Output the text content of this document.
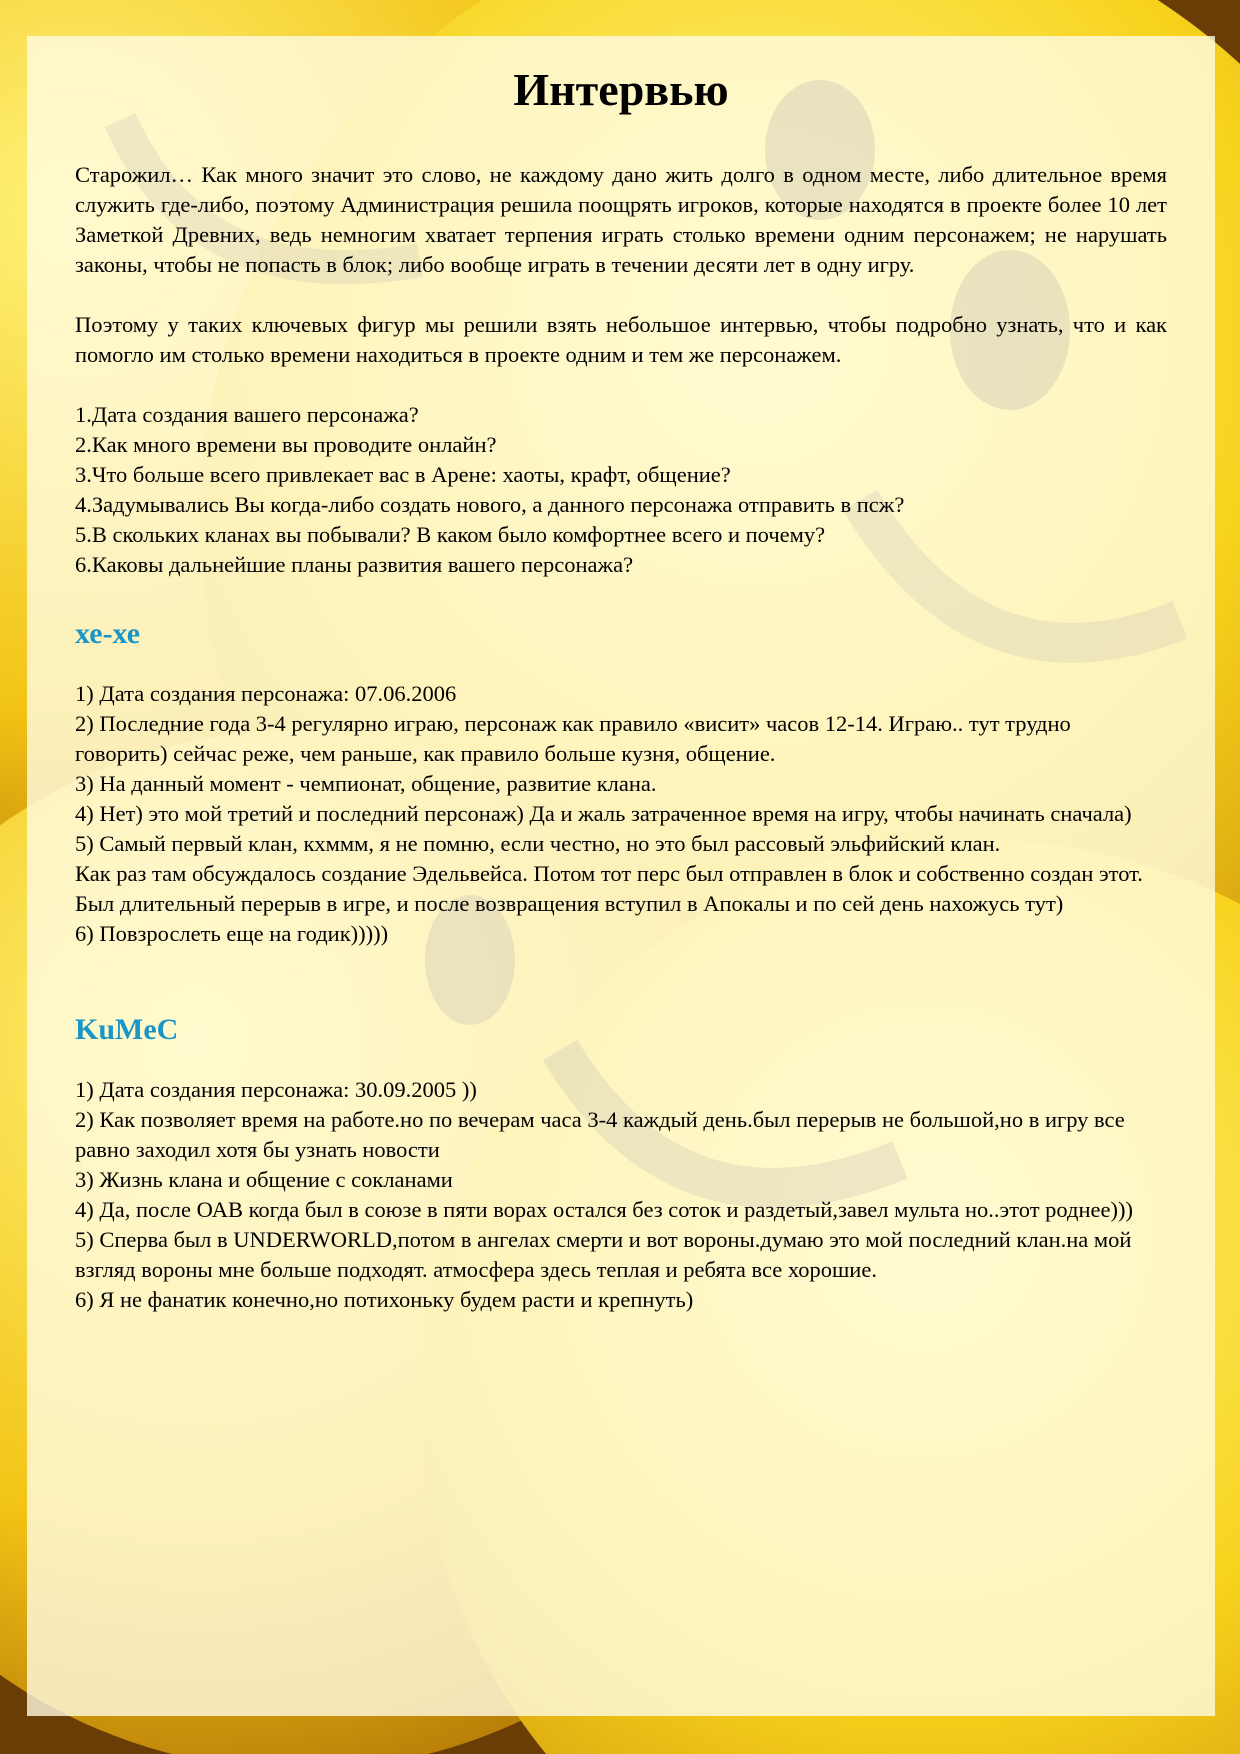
Интервью

Старожил… Как много значит это слово, не каждому дано жить долго в одном месте, либо длительное время служить где-либо, поэтому Администрация решила поощрять игроков, которые находятся в проекте более 10 лет Заметкой Древних, ведь немногим хватает терпения играть столько времени одним персонажем; не нарушать законы, чтобы не попасть в блок; либо вообще играть в течении десяти лет в одну игру.

Поэтому у таких ключевых фигур мы решили взять небольшое интервью, чтобы подробно узнать, что и как помогло им столько времени находиться в проекте одним и тем же персонажем.

1.Дата создания вашего персонажа?
2.Как много времени вы проводите онлайн?
3.Что больше всего привлекает вас в Арене: хаоты, крафт, общение?
4.Задумывались Вы когда-либо создать нового, а данного персонажа отправить в псж?
5.В скольких кланах вы побывали? В каком было комфортнее всего и почему?
6.Каковы дальнейшие планы развития вашего персонажа?
хе-хе
1) Дата создания персонажа: 07.06.2006
2) Последние года 3-4 регулярно играю, персонаж как правило «висит» часов 12-14. Играю.. тут трудно говорить) сейчас реже, чем раньше, как правило больше кузня, общение.
3) На данный момент - чемпионат, общение, развитие клана.
4) Нет) это мой третий и последний персонаж) Да и жаль затраченное время на игру, чтобы начинать сначала)
5) Самый первый клан, кхммм, я не помню, если честно, но это был рассовый эльфийский клан.
Как раз там обсуждалось создание Эдельвейса. Потом тот перс был отправлен в блок и собственно создан этот. Был длительный перерыв в игре, и после возвращения вступил в Апокалы и по сей день нахожусь тут)
6) Повзрослеть еще на годик)))))
KuMeC
1) Дата создания персонажа: 30.09.2005 ))
2) Как позволяет время на работе.но по вечерам часа 3-4 каждый день.был перерыв не большой,но в игру все равно заходил хотя бы узнать новости
3) Жизнь клана и общение с сокланами
4) Да, после ОАВ когда был в союзе в пяти ворах остался без соток и раздетый,завел мульта но..этот роднее)))
5) Сперва был в UNDERWORLD,потом в ангелах смерти и вот вороны.думаю это мой последний клан.на мой взгляд вороны мне больше подходят. атмосфера здесь теплая и ребята все хорошие.
6) Я не фанатик конечно,но потихоньку будем расти и крепнуть)
